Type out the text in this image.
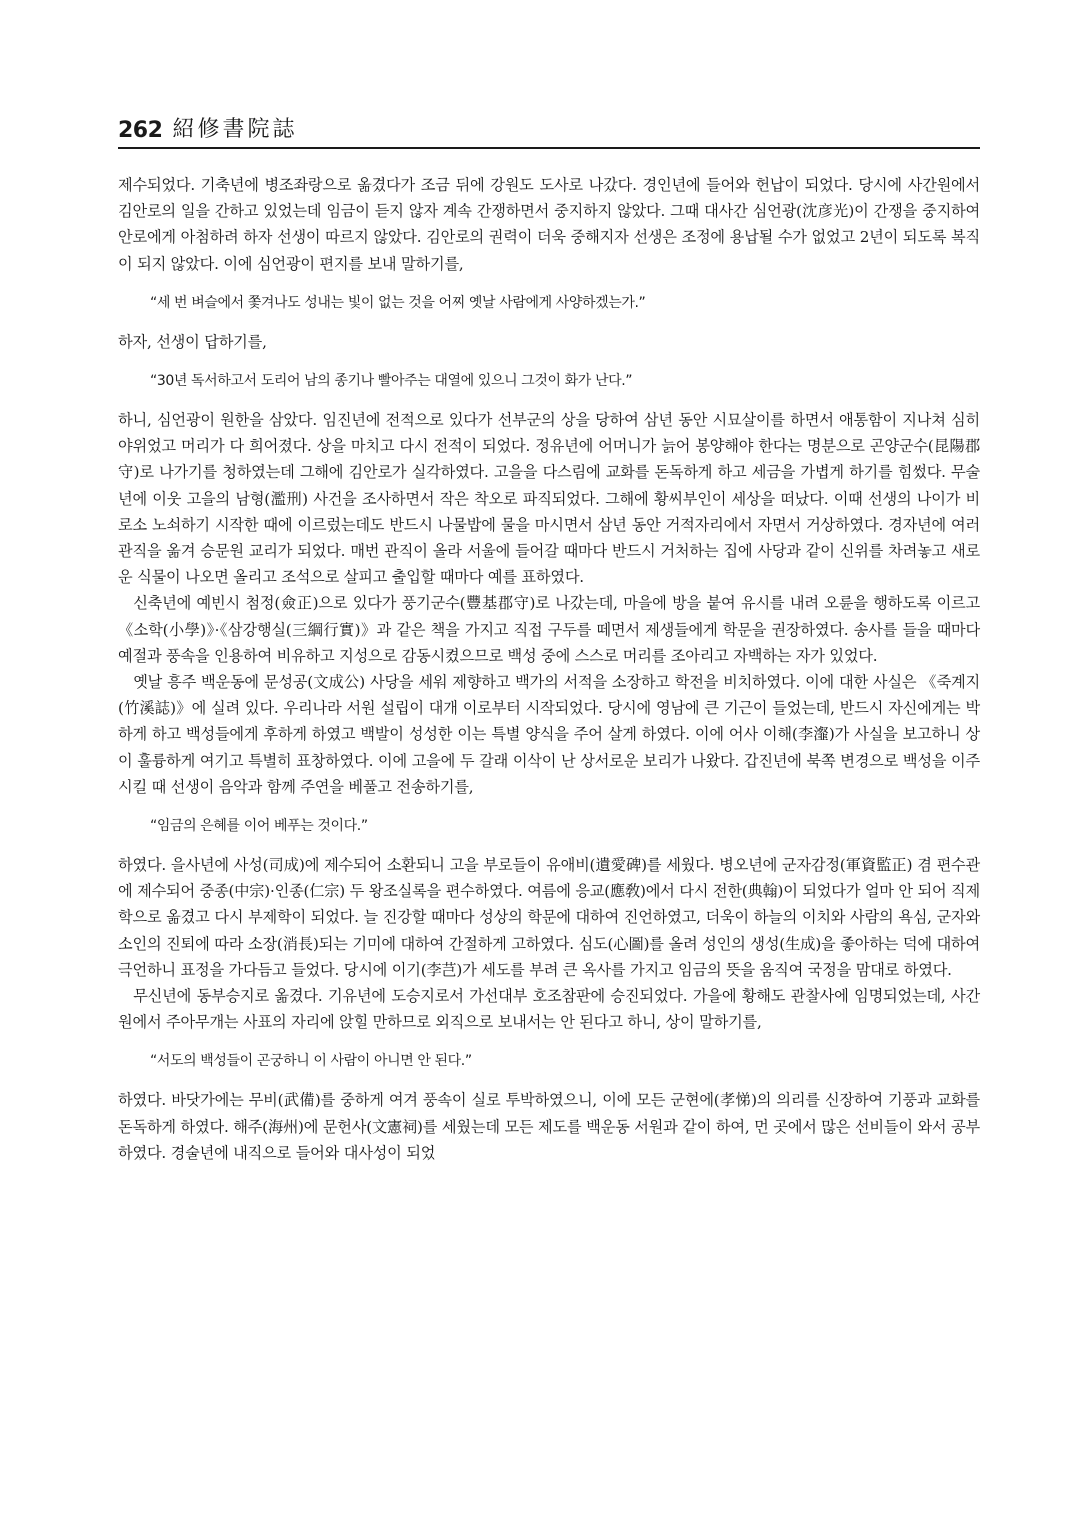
262 紹修書院誌

제수되었다. 기축년에 병조좌랑으로 옮겼다가 조금 뒤에 강원도 도사로 나갔다. 경인년에 들어와 헌납이 되었다. 당시에 사간원에서 김안로의 일을 간하고 있었는데 임금이 듣지 않자 계속 간쟁하면서 중지하지 않았다. 그때 대사간 심언광(沈彦光)이 간쟁을 중지하여 안로에게 아첨하려 하자 선생이 따르지 않았다. 김안로의 권력이 더욱 중해지자 선생은 조정에 용납될 수가 없었고 2년이 되도록 복직이 되지 않았다. 이에 심언광이 편지를 보내 말하기를,

“세 번 벼슬에서 쫓겨나도 성내는 빛이 없는 것을 어찌 옛날 사람에게 사양하겠는가.”

하자, 선생이 답하기를,

“30년 독서하고서 도리어 남의 종기나 빨아주는 대열에 있으니 그것이 화가 난다.”

하니, 심언광이 원한을 삼았다. 임진년에 전적으로 있다가 선부군의 상을 당하여 삼년 동안 시묘살이를 하면서 애통함이 지나쳐 심히 야위었고 머리가 다 희어졌다. 상을 마치고 다시 전적이 되었다. 정유년에 어머니가 늙어 봉양해야 한다는 명분으로 곤양군수(昆陽郡守)로 나가기를 청하였는데 그해에 김안로가 실각하였다. 고을을 다스림에 교화를 돈독하게 하고 세금을 가볍게 하기를 힘썼다. 무술년에 이웃 고을의 남형(濫刑) 사건을 조사하면서 작은 착오로 파직되었다. 그해에 황씨부인이 세상을 떠났다. 이때 선생의 나이가 비로소 노쇠하기 시작한 때에 이르렀는데도 반드시 나물밥에 물을 마시면서 삼년 동안 거적자리에서 자면서 거상하였다. 경자년에 여러 관직을 옮겨 승문원 교리가 되었다. 매번 관직이 올라 서울에 들어갈 때마다 반드시 거처하는 집에 사당과 같이 신위를 차려놓고 새로운 식물이 나오면 올리고 조석으로 살피고 출입할 때마다 예를 표하였다.

신축년에 예빈시 첨정(僉正)으로 있다가 풍기군수(豐基郡守)로 나갔는데, 마을에 방을 붙여 유시를 내려 오륜을 행하도록 이르고 《소학(小學)》·《삼강행실(三綱行實)》과 같은 책을 가지고 직접 구두를 떼면서 제생들에게 학문을 권장하였다. 송사를 들을 때마다 예절과 풍속을 인용하여 비유하고 지성으로 감동시켰으므로 백성 중에 스스로 머리를 조아리고 자백하는 자가 있었다.

옛날 흥주 백운동에 문성공(文成公) 사당을 세워 제향하고 백가의 서적을 소장하고 학전을 비치하였다. 이에 대한 사실은 《죽계지(竹溪誌)》에 실려 있다. 우리나라 서원 설립이 대개 이로부터 시작되었다. 당시에 영남에 큰 기근이 들었는데, 반드시 자신에게는 박하게 하고 백성들에게 후하게 하였고 백발이 성성한 이는 특별 양식을 주어 살게 하였다. 이에 어사 이해(李瀣)가 사실을 보고하니 상이 훌륭하게 여기고 특별히 표창하였다. 이에 고을에 두 갈래 이삭이 난 상서로운 보리가 나왔다. 갑진년에 북쪽 변경으로 백성을 이주시킬 때 선생이 음악과 함께 주연을 베풀고 전송하기를,

“임금의 은혜를 이어 베푸는 것이다.”

하였다. 을사년에 사성(司成)에 제수되어 소환되니 고을 부로들이 유애비(遺愛碑)를 세웠다. 병오년에 군자감정(軍資監正) 겸 편수관에 제수되어 중종(中宗)·인종(仁宗) 두 왕조실록을 편수하였다. 여름에 응교(應敎)에서 다시 전한(典翰)이 되었다가 얼마 안 되어 직제학으로 옮겼고 다시 부제학이 되었다. 늘 진강할 때마다 성상의 학문에 대하여 진언하였고, 더욱이 하늘의 이치와 사람의 욕심, 군자와 소인의 진퇴에 따라 소장(消長)되는 기미에 대하여 간절하게 고하였다. 심도(心圖)를 올려 성인의 생성(生成)을 좋아하는 덕에 대하여 극언하니 표정을 가다듬고 들었다. 당시에 이기(李芑)가 세도를 부려 큰 옥사를 가지고 임금의 뜻을 움직여 국정을 맘대로 하였다.

무신년에 동부승지로 옮겼다. 기유년에 도승지로서 가선대부 호조참판에 승진되었다. 가을에 황해도 관찰사에 임명되었는데, 사간원에서 주아무개는 사표의 자리에 앉힐 만하므로 외직으로 보내서는 안 된다고 하니, 상이 말하기를,

“서도의 백성들이 곤궁하니 이 사람이 아니면 안 된다.”

하였다. 바닷가에는 무비(武備)를 중하게 여겨 풍속이 실로 투박하였으니, 이에 모든 군현에(孝悌)의 의리를 신장하여 기풍과 교화를 돈독하게 하였다. 해주(海州)에 문헌사(文憲祠)를 세웠는데 모든 제도를 백운동 서원과 같이 하여, 먼 곳에서 많은 선비들이 와서 공부하였다. 경술년에 내직으로 들어와 대사성이 되었
